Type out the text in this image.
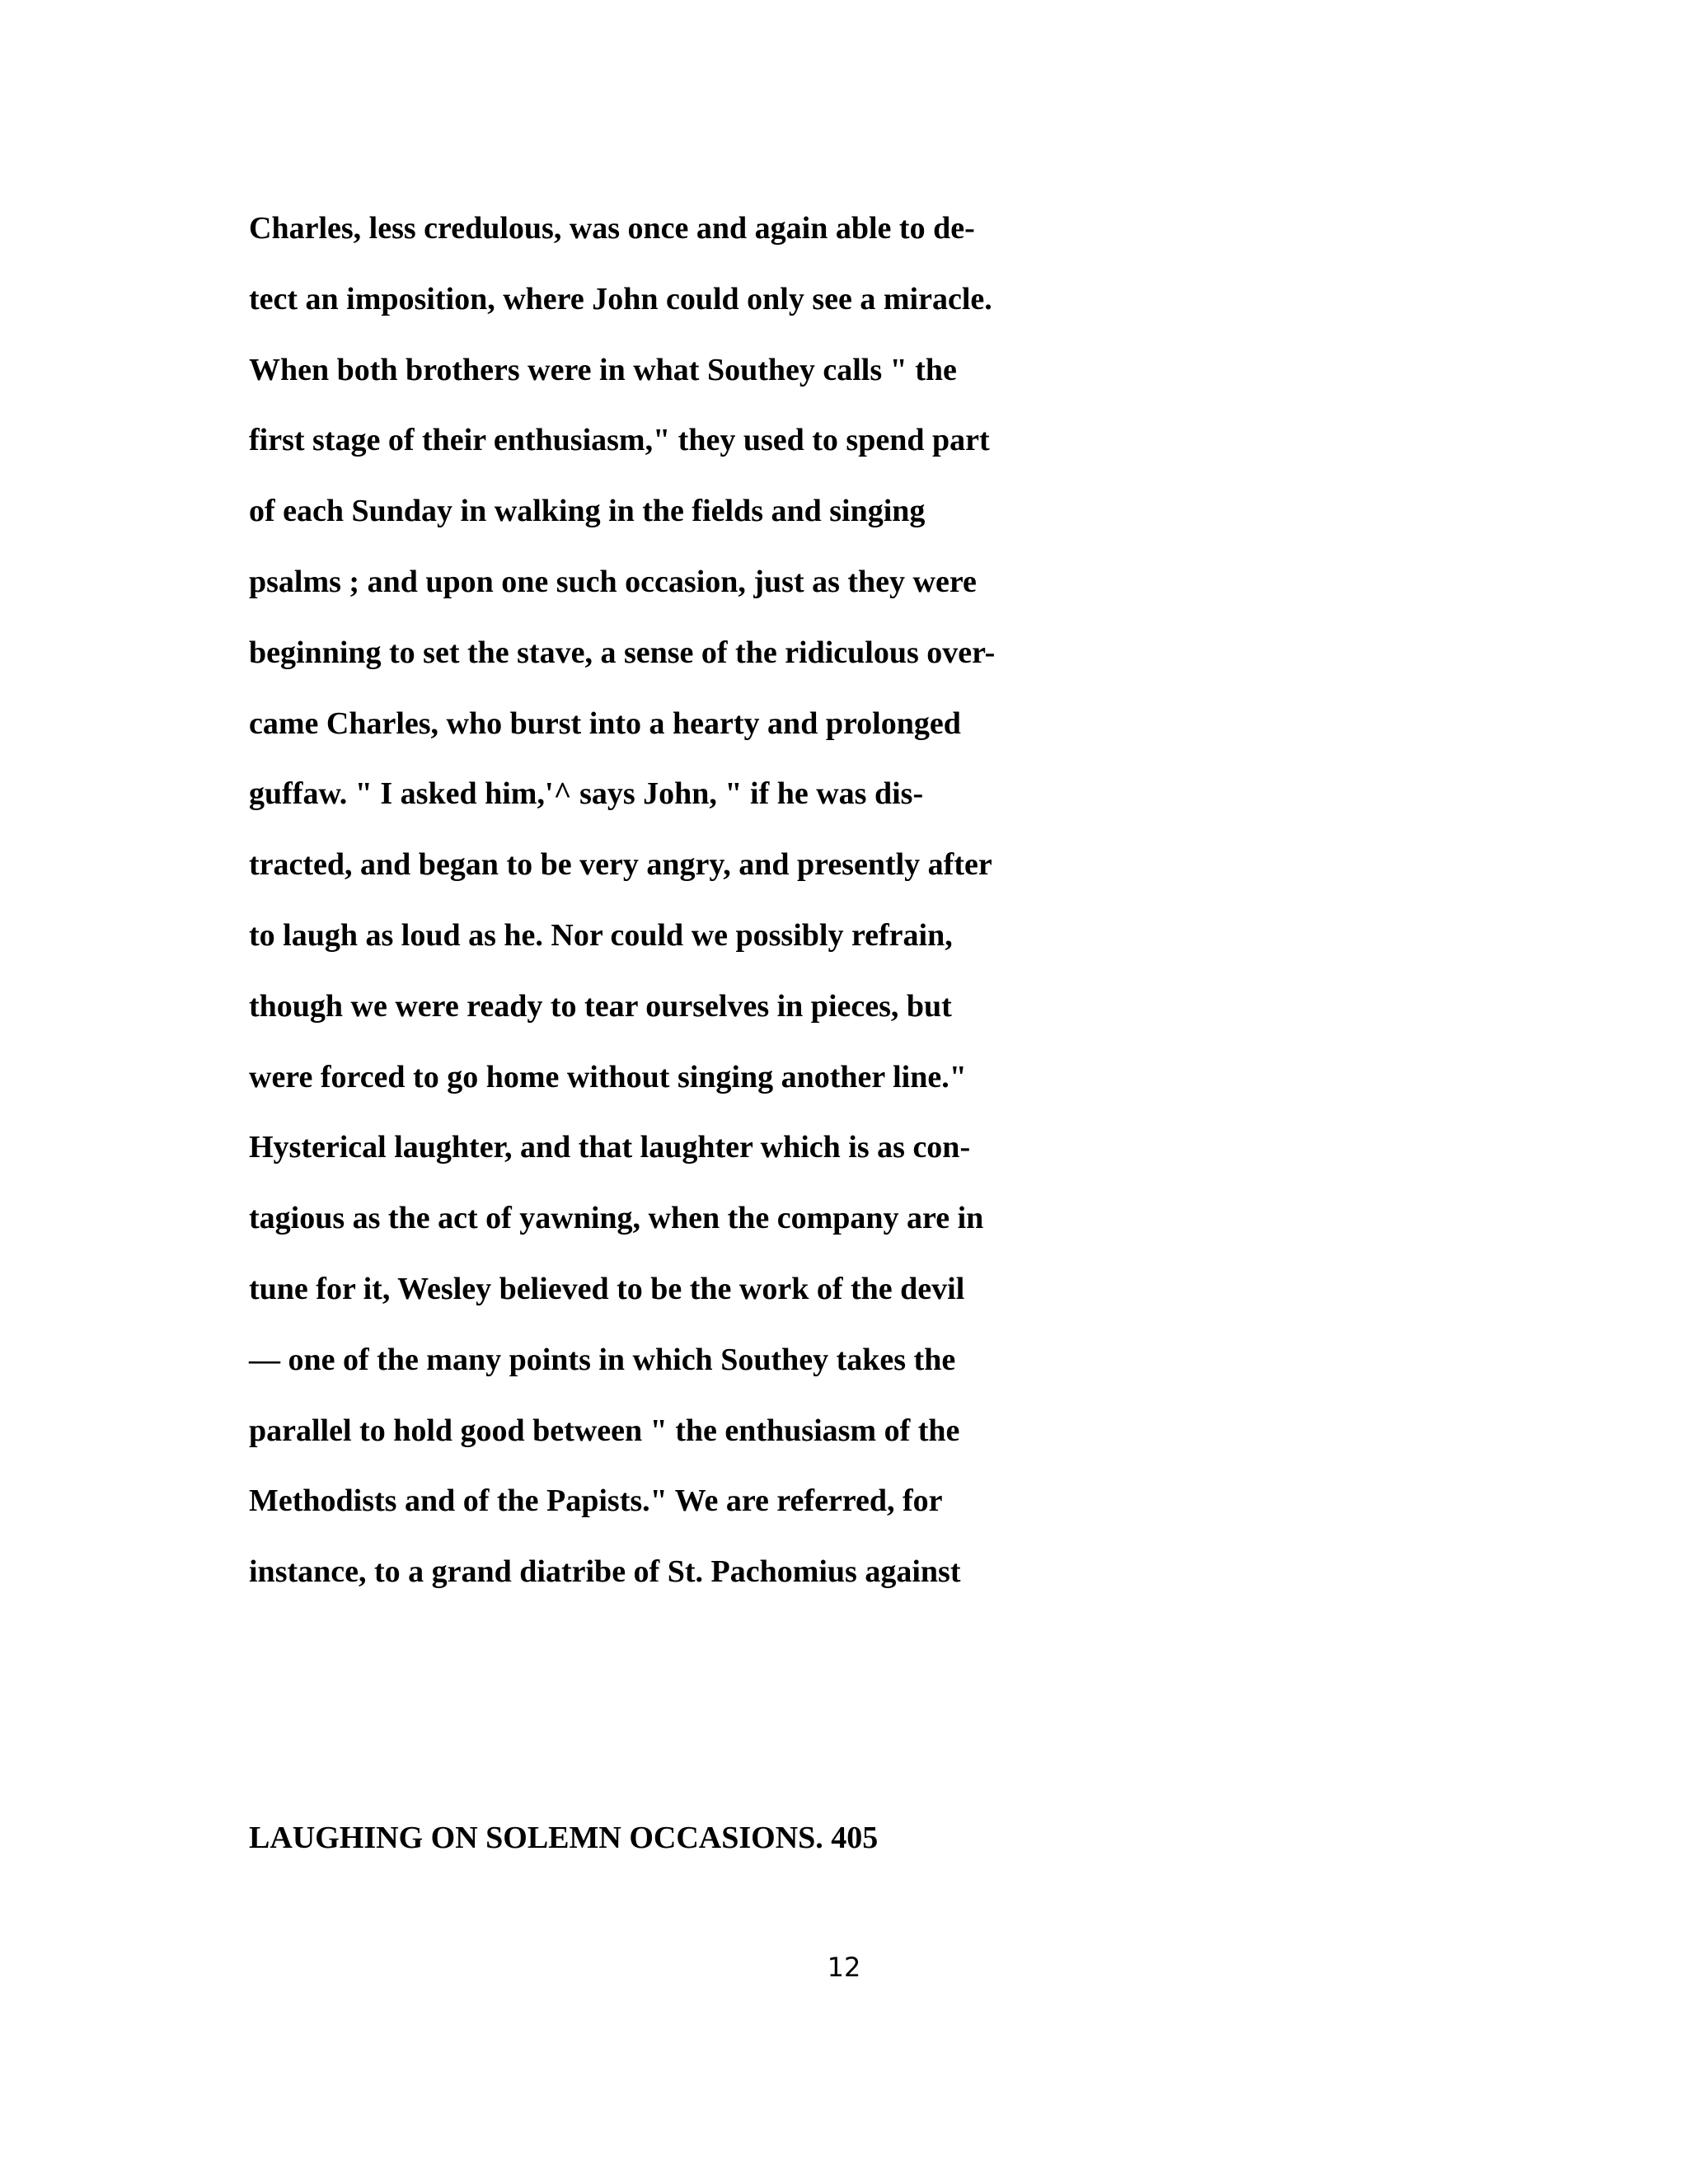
Charles, less credulous, was once and again able to de-
tect an imposition, where John could only see a miracle.
When both brothers were in what Southey calls " the
first stage of their enthusiasm," they used to spend part
of each Sunday in walking in the fields and singing
psalms ; and upon one such occasion, just as they were
beginning to set the stave, a sense of the ridiculous over-
came Charles, who burst into a hearty and prolonged
guffaw. " I asked him,'^ says John, " if he was dis-
tracted, and began to be very angry, and presently after
to laugh as loud as he. Nor could we possibly refrain,
though we were ready to tear ourselves in pieces, but
were forced to go home without singing another line."
Hysterical laughter, and that laughter which is as con-
tagious as the act of yawning, when the company are in
tune for it, Wesley believed to be the work of the devil
— one of the many points in which Southey takes the
parallel to hold good between " the enthusiasm of the
Methodists and of the Papists." We are referred, for
instance, to a grand diatribe of St. Pachomius against
LAUGHING ON SOLEMN OCCASIONS. 405
12
